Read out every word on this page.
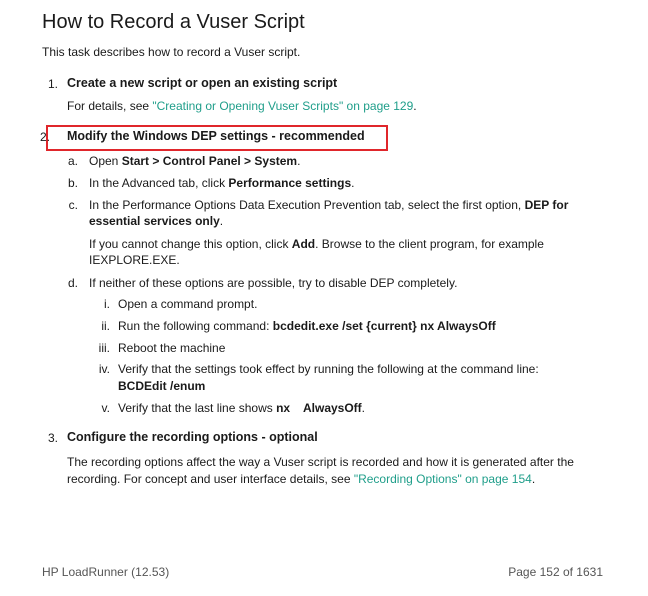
How to Record a Vuser Script
This task describes how to record a Vuser script.
1. Create a new script or open an existing script
For details, see "Creating or Opening Vuser Scripts" on page 129.
2. Modify the Windows DEP settings - recommended
a. Open Start > Control Panel > System.
b. In the Advanced tab, click Performance settings.
c. In the Performance Options Data Execution Prevention tab, select the first option, DEP for
essential services only.
If you cannot change this option, click Add. Browse to the client program, for example
IEXPLORE.EXE.
d. If neither of these options are possible, try to disable DEP completely.
i. Open a command prompt.
ii. Run the following command: bcdedit.exe /set {current} nx AlwaysOff
iii. Reboot the machine
iv. Verify that the settings took effect by running the following at the command line:
BCDEdit /enum
v. Verify that the last line shows nx    AlwaysOff.
3. Configure the recording options - optional
The recording options affect the way a Vuser script is recorded and how it is generated after the
recording. For concept and user interface details, see "Recording Options" on page 154.
HP LoadRunner (12.53)	Page 152 of 1631
